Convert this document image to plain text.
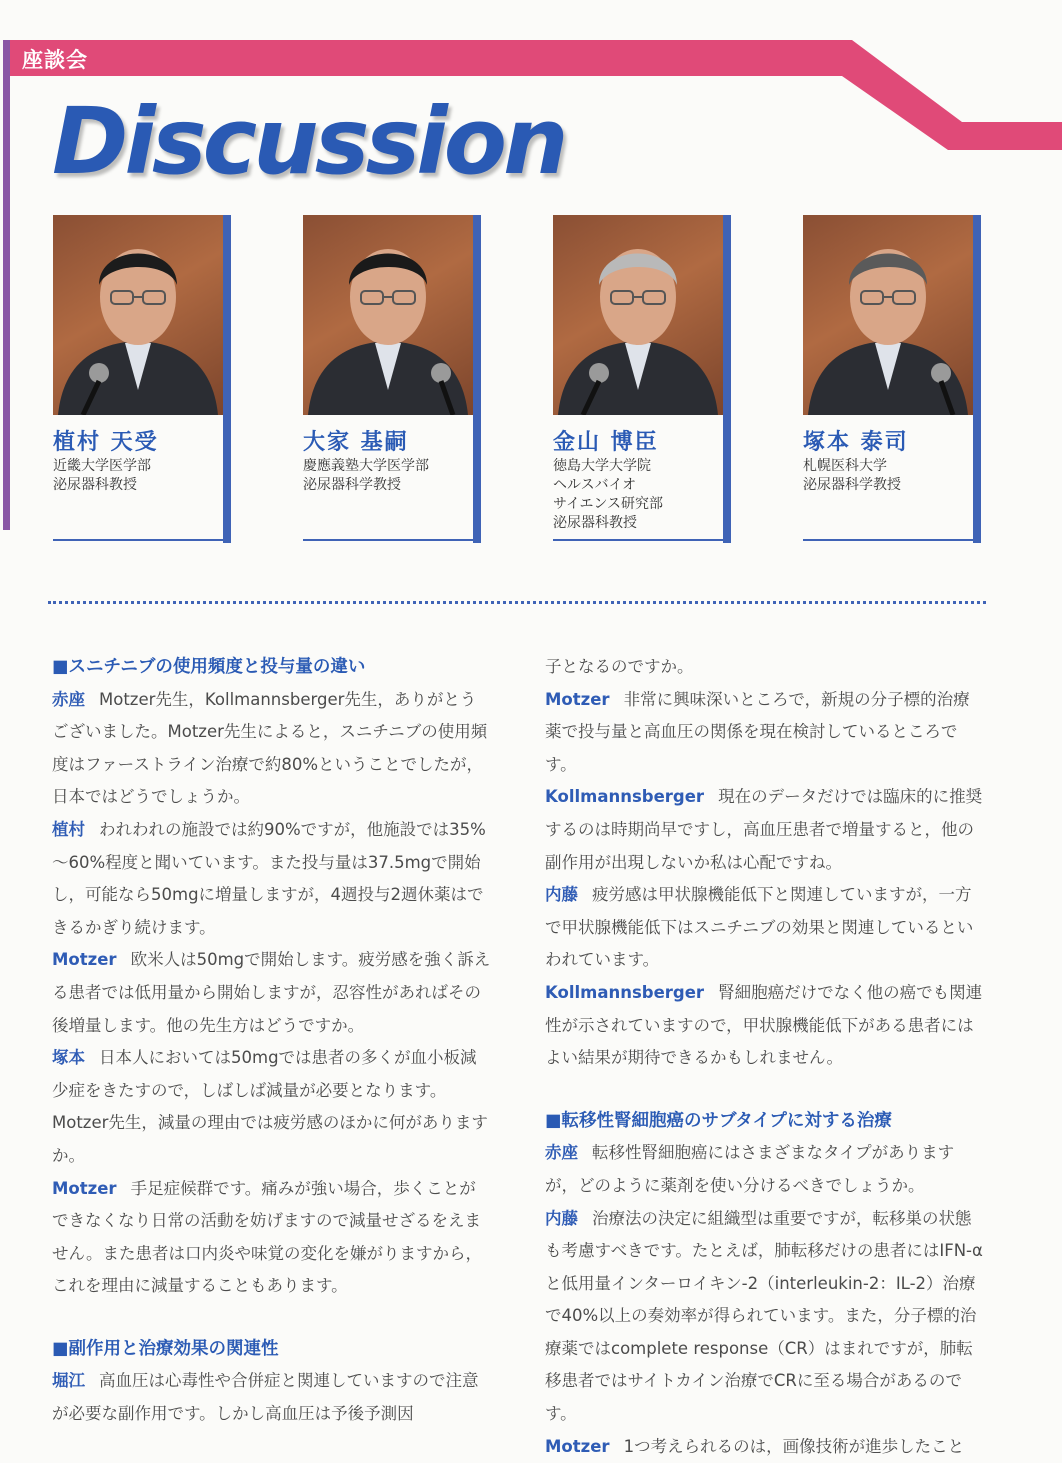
座談会
Discussion
植村 天受
近畿大学医学部
泌尿器科教授
大家 基嗣
慶應義塾大学医学部
泌尿器科学教授
金山 博臣
徳島大学大学院
ヘルスバイオ
サイエンス研究部
泌尿器科教授
塚本 泰司
札幌医科大学
泌尿器科学教授

■スニチニブの使用頻度と投与量の違い

赤座 Motzer先生，Kollmannsberger先生，ありがとうございました。Motzer先生によると，スニチニブの使用頻度はファーストライン治療で約80%ということでしたが，日本ではどうでしょうか。

植村 われわれの施設では約90%ですが，他施設では35%～60%程度と聞いています。また投与量は37.5mgで開始し，可能なら50mgに増量しますが，4週投与2週休薬はできるかぎり続けます。

Motzer 欧米人は50mgで開始します。疲労感を強く訴える患者では低用量から開始しますが，忍容性があればその後増量します。他の先生方はどうですか。

塚本 日本人においては50mgでは患者の多くが血小板減少症をきたすので，しばしば減量が必要となります。Motzer先生，減量の理由では疲労感のほかに何がありますか。

Motzer 手足症候群です。痛みが強い場合，歩くことができなくなり日常の活動を妨げますので減量せざるをえません。また患者は口内炎や味覚の変化を嫌がりますから，これを理由に減量することもあります。

■副作用と治療効果の関連性

堀江 高血圧は心毒性や合併症と関連していますので注意が必要な副作用です。しかし高血圧は予後予測因

子となるのですか。

Motzer 非常に興味深いところで，新規の分子標的治療薬で投与量と高血圧の関係を現在検討しているところです。

Kollmannsberger 現在のデータだけでは臨床的に推奨するのは時期尚早ですし，高血圧患者で増量すると，他の副作用が出現しないか私は心配ですね。

内藤 疲労感は甲状腺機能低下と関連していますが，一方で甲状腺機能低下はスニチニブの効果と関連しているといわれています。

Kollmannsberger 腎細胞癌だけでなく他の癌でも関連性が示されていますので，甲状腺機能低下がある患者にはよい結果が期待できるかもしれません。

■転移性腎細胞癌のサブタイプに対する治療

赤座 転移性腎細胞癌にはさまざまなタイプがありますが，どのように薬剤を使い分けるべきでしょうか。

内藤 治療法の決定に組織型は重要ですが，転移巣の状態も考慮すべきです。たとえば，肺転移だけの患者にはIFN-αと低用量インターロイキン-2（interleukin-2：IL-2）治療で40%以上の奏効率が得られています。また，分子標的治療薬ではcomplete response（CR）はまれですが，肺転移患者ではサイトカイン治療でCRに至る場合があるのです。

Motzer 1つ考えられるのは，画像技術が進歩したこと
